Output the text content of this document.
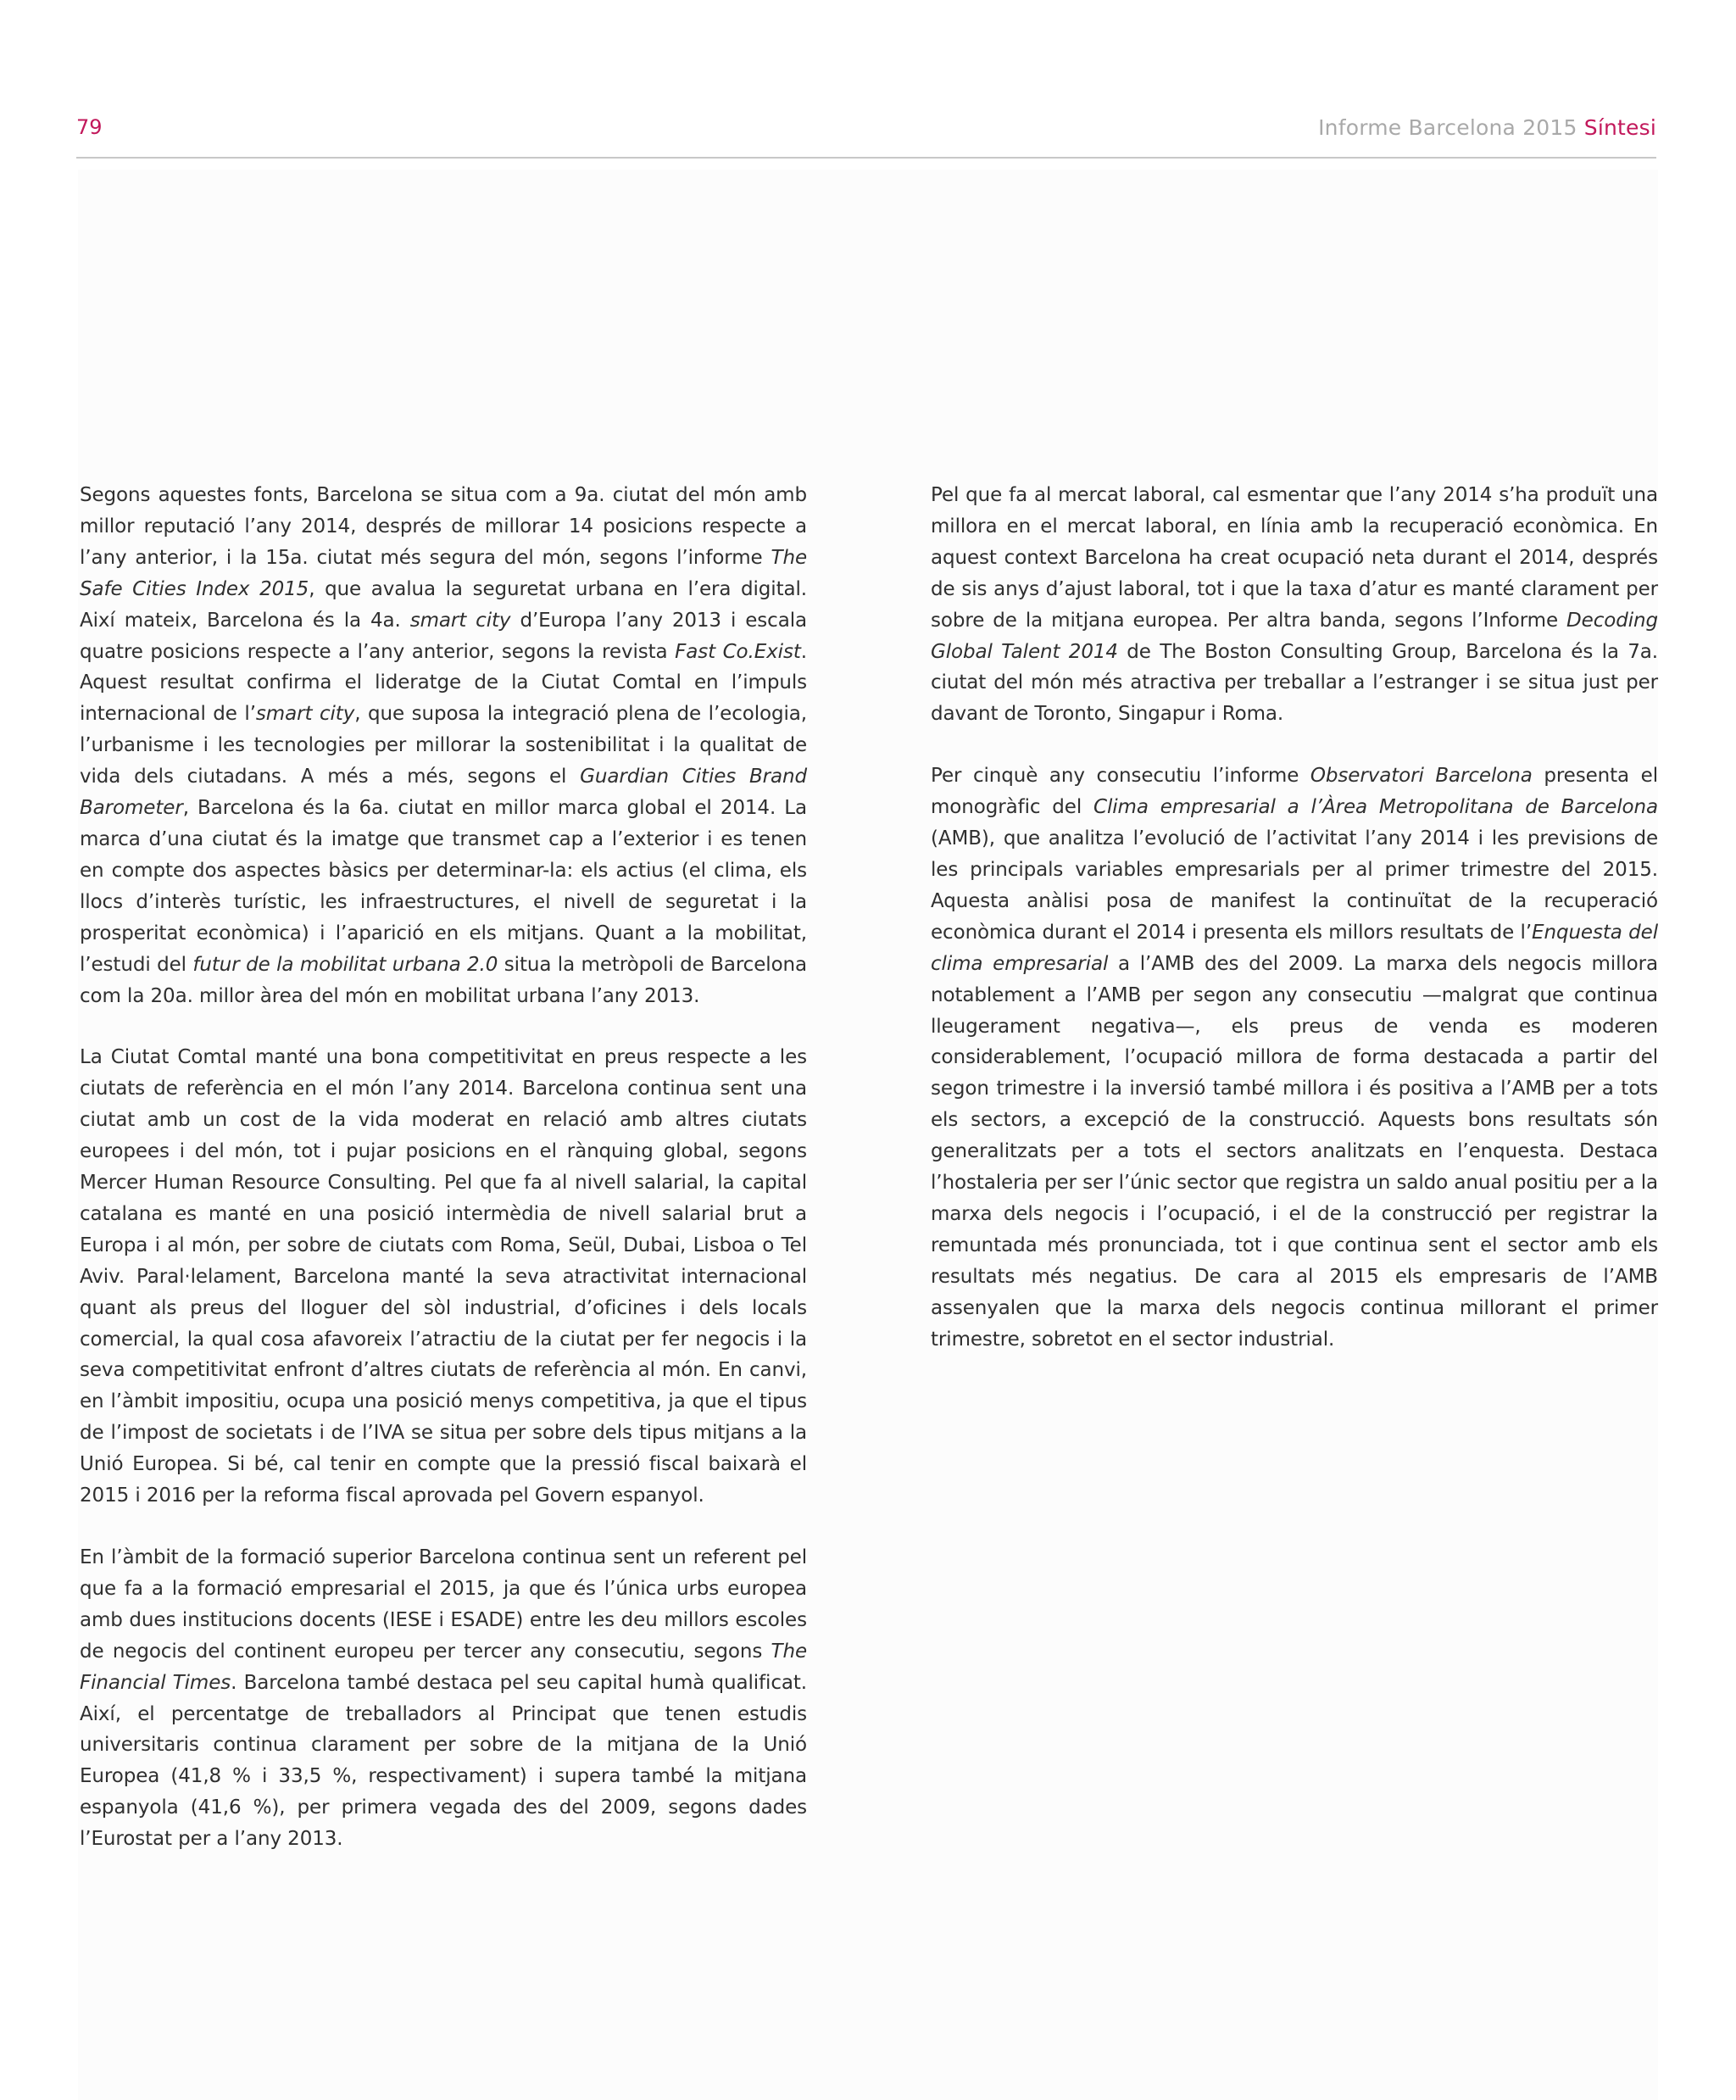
79	Informe Barcelona 2015 Síntesi

Segons aquestes fonts, Barcelona se situa com a 9a. ciutat del món amb millor reputació l’any 2014, després de millorar 14 posicions respecte a l’any anterior, i la 15a. ciutat més segura del món, segons l’informe The Safe Cities Index 2015, que avalua la seguretat urbana en l’era digital. Així mateix, Barcelona és la 4a. smart city d’Europa l’any 2013 i escala quatre posicions respecte a l’any anterior, segons la revista Fast Co.Exist. Aquest resultat confirma el lideratge de la Ciutat Comtal en l’impuls internacional de l’smart city, que suposa la integració plena de l’ecologia, l’urbanisme i les tecnologies per millorar la sostenibilitat i la qualitat de vida dels ciutadans. A més a més, segons el Guardian Cities Brand Barometer, Barcelona és la 6a. ciutat en millor marca global el 2014. La marca d’una ciutat és la imatge que transmet cap a l’exterior i es tenen en compte dos aspectes bàsics per determinar-la: els actius (el clima, els llocs d’interès turístic, les infraestructures, el nivell de seguretat i la prosperitat econòmica) i l’aparició en els mitjans. Quant a la mobilitat, l’estudi del futur de la mobilitat urbana 2.0 situa la metròpoli de Barcelona com la 20a. millor àrea del món en mobilitat urbana l’any 2013.

La Ciutat Comtal manté una bona competitivitat en preus respecte a les ciutats de referència en el món l’any 2014. Barcelona continua sent una ciutat amb un cost de la vida moderat en relació amb altres ciutats europees i del món, tot i pujar posicions en el rànquing global, segons Mercer Human Resource Consulting. Pel que fa al nivell salarial, la capital catalana es manté en una posició intermèdia de nivell salarial brut a Europa i al món, per sobre de ciutats com Roma, Seül, Dubai, Lisboa o Tel Aviv. Paral·lelament, Barcelona manté la seva atractivitat internacional quant als preus del lloguer del sòl industrial, d’oficines i dels locals comercial, la qual cosa afavoreix l’atractiu de la ciutat per fer negocis i la seva competitivitat enfront d’altres ciutats de referència al món. En canvi, en l’àmbit impositiu, ocupa una posició menys competitiva, ja que el tipus de l’impost de societats i de l’IVA se situa per sobre dels tipus mitjans a la Unió Europea. Si bé, cal tenir en compte que la pressió fiscal baixarà el 2015 i 2016 per la reforma fiscal aprovada pel Govern espanyol.

En l’àmbit de la formació superior Barcelona continua sent un referent pel que fa a la formació empresarial el 2015, ja que és l’única urbs europea amb dues institucions docents (IESE i ESADE) entre les deu millors escoles de negocis del continent europeu per tercer any consecutiu, segons The Financial Times. Barcelona també destaca pel seu capital humà qualificat. Així, el percentatge de treballadors al Principat que tenen estudis universitaris continua clarament per sobre de la mitjana de la Unió Europea (41,8 % i 33,5 %, respectivament) i supera també la mitjana espanyola (41,6 %), per primera vegada des del 2009, segons dades l’Eurostat per a l’any 2013.

Pel que fa al mercat laboral, cal esmentar que l’any 2014 s’ha produït una millora en el mercat laboral, en línia amb la recuperació econòmica. En aquest context Barcelona ha creat ocupació neta durant el 2014, després de sis anys d’ajust laboral, tot i que la taxa d’atur es manté clarament per sobre de la mitjana europea. Per altra banda, segons l’Informe Decoding Global Talent 2014 de The Boston Consulting Group, Barcelona és la 7a. ciutat del món més atractiva per treballar a l’estranger i se situa just per davant de Toronto, Singapur i Roma.

Per cinquè any consecutiu l’informe Observatori Barcelona presenta el monogràfic del Clima empresarial a l’Àrea Metropolitana de Barcelona (AMB), que analitza l’evolució de l’activitat l’any 2014 i les previsions de les principals variables empresarials per al primer trimestre del 2015. Aquesta anàlisi posa de manifest la continuïtat de la recuperació econòmica durant el 2014 i presenta els millors resultats de l’Enquesta del clima empresarial a l’AMB des del 2009. La marxa dels negocis millora notablement a l’AMB per segon any consecutiu —malgrat que continua lleugerament negativa—, els preus de venda es moderen considerablement, l’ocupació millora de forma destacada a partir del segon trimestre i la inversió també millora i és positiva a l’AMB per a tots els sectors, a excepció de la construcció. Aquests bons resultats són generalitzats per a tots el sectors analitzats en l’enquesta. Destaca l’hostaleria per ser l’únic sector que registra un saldo anual positiu per a la marxa dels negocis i l’ocupació, i el de la construcció per registrar la remuntada més pronunciada, tot i que continua sent el sector amb els resultats més negatius. De cara al 2015 els empresaris de l’AMB assenyalen que la marxa dels negocis continua millorant el primer trimestre, sobretot en el sector industrial.
